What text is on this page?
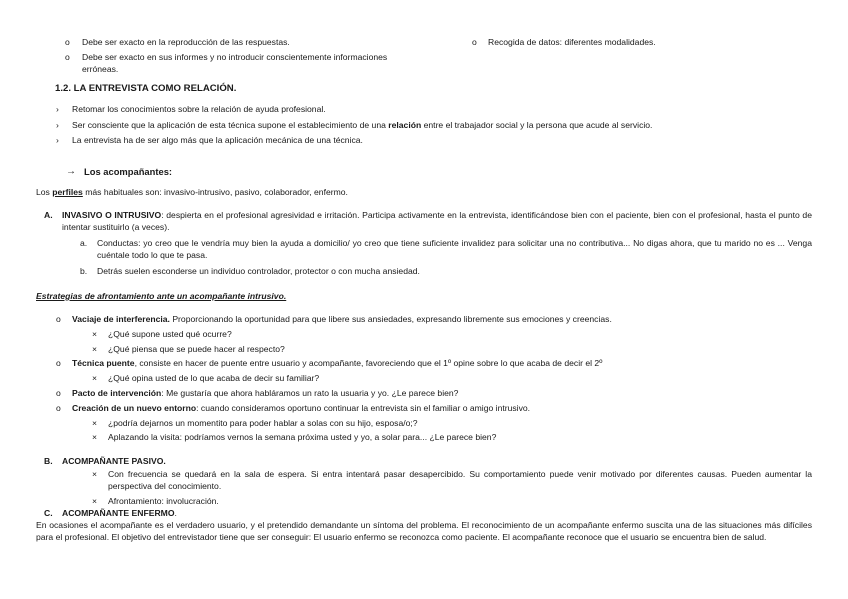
o Debe ser exacto en la reproducción de las respuestas.
o Debe ser exacto en sus informes y no introducir conscientemente informaciones erróneas.
o Recogida de datos: diferentes modalidades.
1.2. LA ENTREVISTA COMO RELACIÓN.
› Retomar los conocimientos sobre la relación de ayuda profesional.
› Ser consciente que la aplicación de esta técnica supone el establecimiento de una relación entre el trabajador social y la persona que acude al servicio.
› La entrevista ha de ser algo más que la aplicación mecánica de una técnica.
→ Los acompañantes:
Los perfiles más habituales son: invasivo-intrusivo, pasivo, colaborador, enfermo.
A. INVASIVO O INTRUSIVO: despierta en el profesional agresividad e irritación. Participa activamente en la entrevista, identificándose bien con el paciente, bien con el profesional, hasta el punto de intentar sustituirlo (a veces).
a. Conductas: yo creo que le vendría muy bien la ayuda a domicilio/ yo creo que tiene suficiente invalidez para solicitar una no contributiva... No digas ahora, que tu marido no es ... Venga cuéntale todo lo que te pasa.
b. Detrás suelen esconderse un individuo controlador, protector o con mucha ansiedad.
Estrategias de afrontamiento ante un acompañante intrusivo.
o Vaciaje de interferencia. Proporcionando la oportunidad para que libere sus ansiedades, expresando libremente sus emociones y creencias.
× ¿Qué supone usted qué ocurre?
× ¿Qué piensa que se puede hacer al respecto?
o Técnica puente, consiste en hacer de puente entre usuario y acompañante, favoreciendo que el 1º opine sobre lo que acaba de decir el 2º
× ¿Qué opina usted de lo que acaba de decir su familiar?
o Pacto de intervención: Me gustaría que ahora habláramos un rato la usuaria y yo. ¿Le parece bien?
o Creación de un nuevo entorno: cuando consideramos oportuno continuar la entrevista sin el familiar o amigo intrusivo.
× ¿podría dejarnos un momentito para poder hablar a solas con su hijo, esposa/o;?
× Aplazando la visita: podríamos vernos la semana próxima usted y yo, a solar para... ¿Le parece bien?
B. ACOMPAÑANTE PASIVO.
× Con frecuencia se quedará en la sala de espera. Si entra intentará pasar desapercibido. Su comportamiento puede venir motivado por diferentes causas. Pueden aumentar la perspectiva del conocimiento.
× Afrontamiento: involucración.
C. ACOMPAÑANTE ENFERMO.
En ocasiones el acompañante es el verdadero usuario, y el pretendido demandante un síntoma del problema. El reconocimiento de un acompañante enfermo suscita una de las situaciones más difíciles para el profesional. El objetivo del entrevistador tiene que ser conseguir: El usuario enfermo se reconozca como paciente. El acompañante reconoce que el usuario se encuentra bien de salud.
